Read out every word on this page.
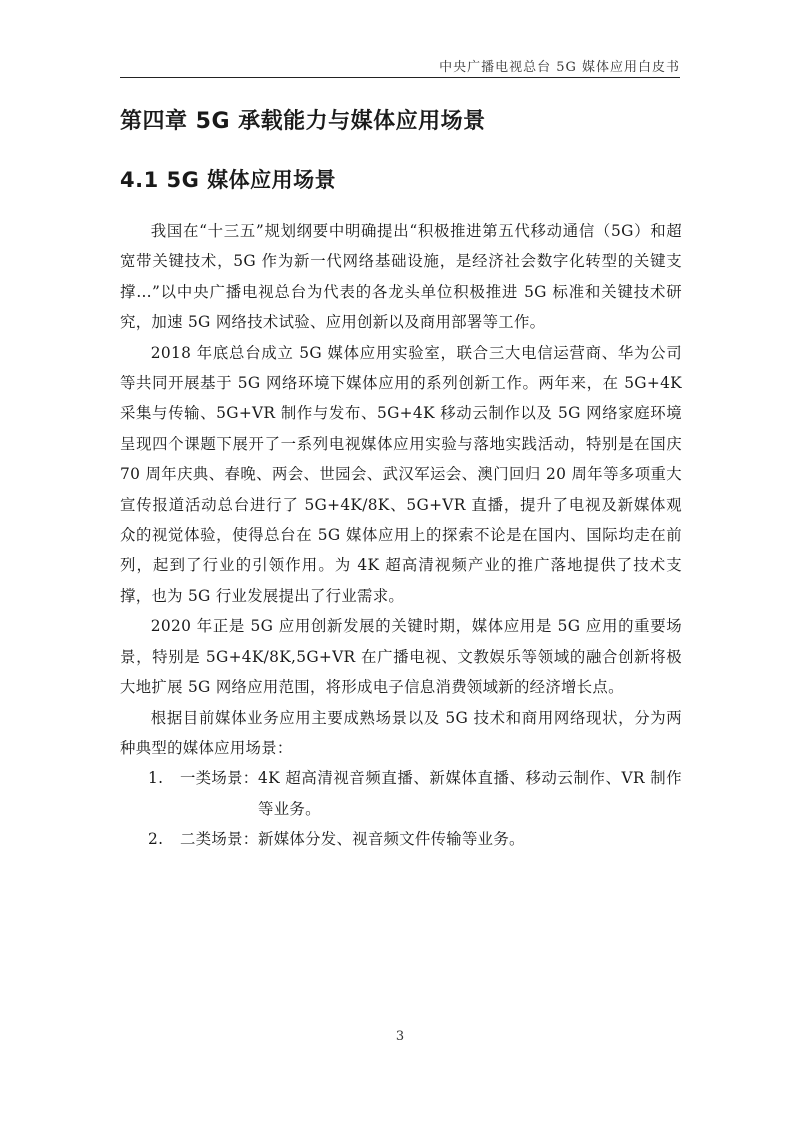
中央广播电视总台 5G 媒体应用白皮书
第四章 5G 承载能力与媒体应用场景
4.1 5G 媒体应用场景

我国在“十三五”规划纲要中明确提出“积极推进第五代移动通信（5G）和超宽带关键技术，5G 作为新一代网络基础设施，是经济社会数字化转型的关键支撑…”以中央广播电视总台为代表的各龙头单位积极推进 5G 标准和关键技术研究，加速 5G 网络技术试验、应用创新以及商用部署等工作。

2018 年底总台成立 5G 媒体应用实验室，联合三大电信运营商、华为公司等共同开展基于 5G 网络环境下媒体应用的系列创新工作。两年来，在 5G+4K 采集与传输、5G+VR 制作与发布、5G+4K 移动云制作以及 5G 网络家庭环境呈现四个课题下展开了一系列电视媒体应用实验与落地实践活动，特别是在国庆 70 周年庆典、春晚、两会、世园会、武汉军运会、澳门回归 20 周年等多项重大宣传报道活动总台进行了 5G+4K/8K、5G+VR 直播，提升了电视及新媒体观众的视觉体验，使得总台在 5G 媒体应用上的探索不论是在国内、国际均走在前列，起到了行业的引领作用。为 4K 超高清视频产业的推广落地提供了技术支撑，也为 5G 行业发展提出了行业需求。

2020 年正是 5G 应用创新发展的关键时期，媒体应用是 5G 应用的重要场景，特别是 5G+4K/8K,5G+VR 在广播电视、文教娱乐等领域的融合创新将极大地扩展 5G 网络应用范围，将形成电子信息消费领域新的经济增长点。

根据目前媒体业务应用主要成熟场景以及 5G 技术和商用网络现状，分为两种典型的媒体应用场景：

1. 一类场景： 4K 超高清视音频直播、新媒体直播、移动云制作、VR 制作等业务。
2. 二类场景： 新媒体分发、视音频文件传输等业务。
3
